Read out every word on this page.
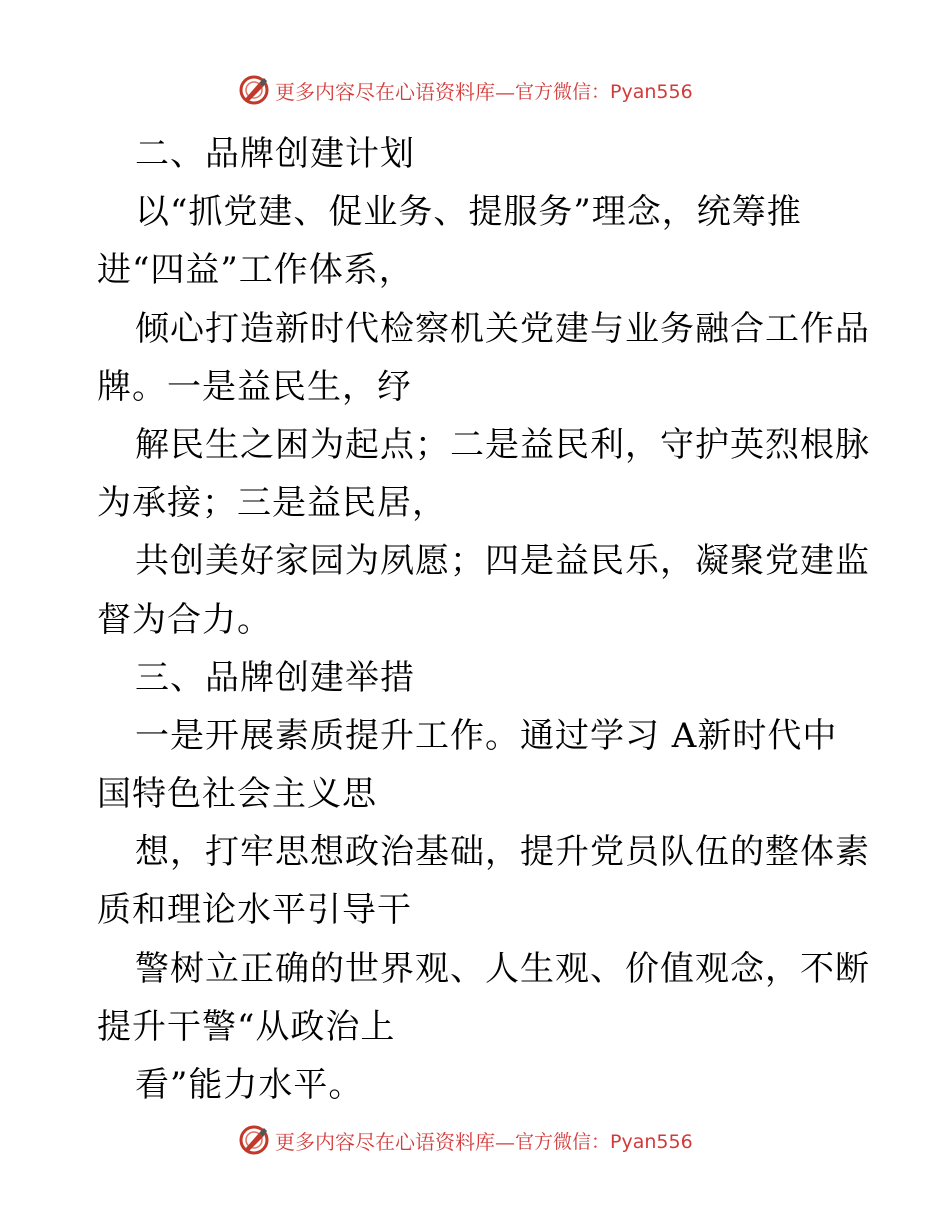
更多内容尽在心语资料库— 官方微信：Pyan556
二、品牌创建计划
以“抓党建、促业务、提服务”理念，统筹推
进“四益”工作体系，
倾心打造新时代检察机关党建与业务融合工作品
牌。一是益民生，纾
解民生之困为起点；二是益民利，守护英烈根脉
为承接；三是益民居，
共创美好家园为夙愿；四是益民乐，凝聚党建监
督为合力。
三、品牌创建举措
一是开展素质提升工作。通过学习 A新时代中
国特色社会主义思
想，打牢思想政治基础，提升党员队伍的整体素
质和理论水平引导干
警树立正确的世界观、人生观、价值观念，不断
提升干警“从政治上
看”能力水平。
更多内容尽在心语资料库— 官方微信：Pyan556
